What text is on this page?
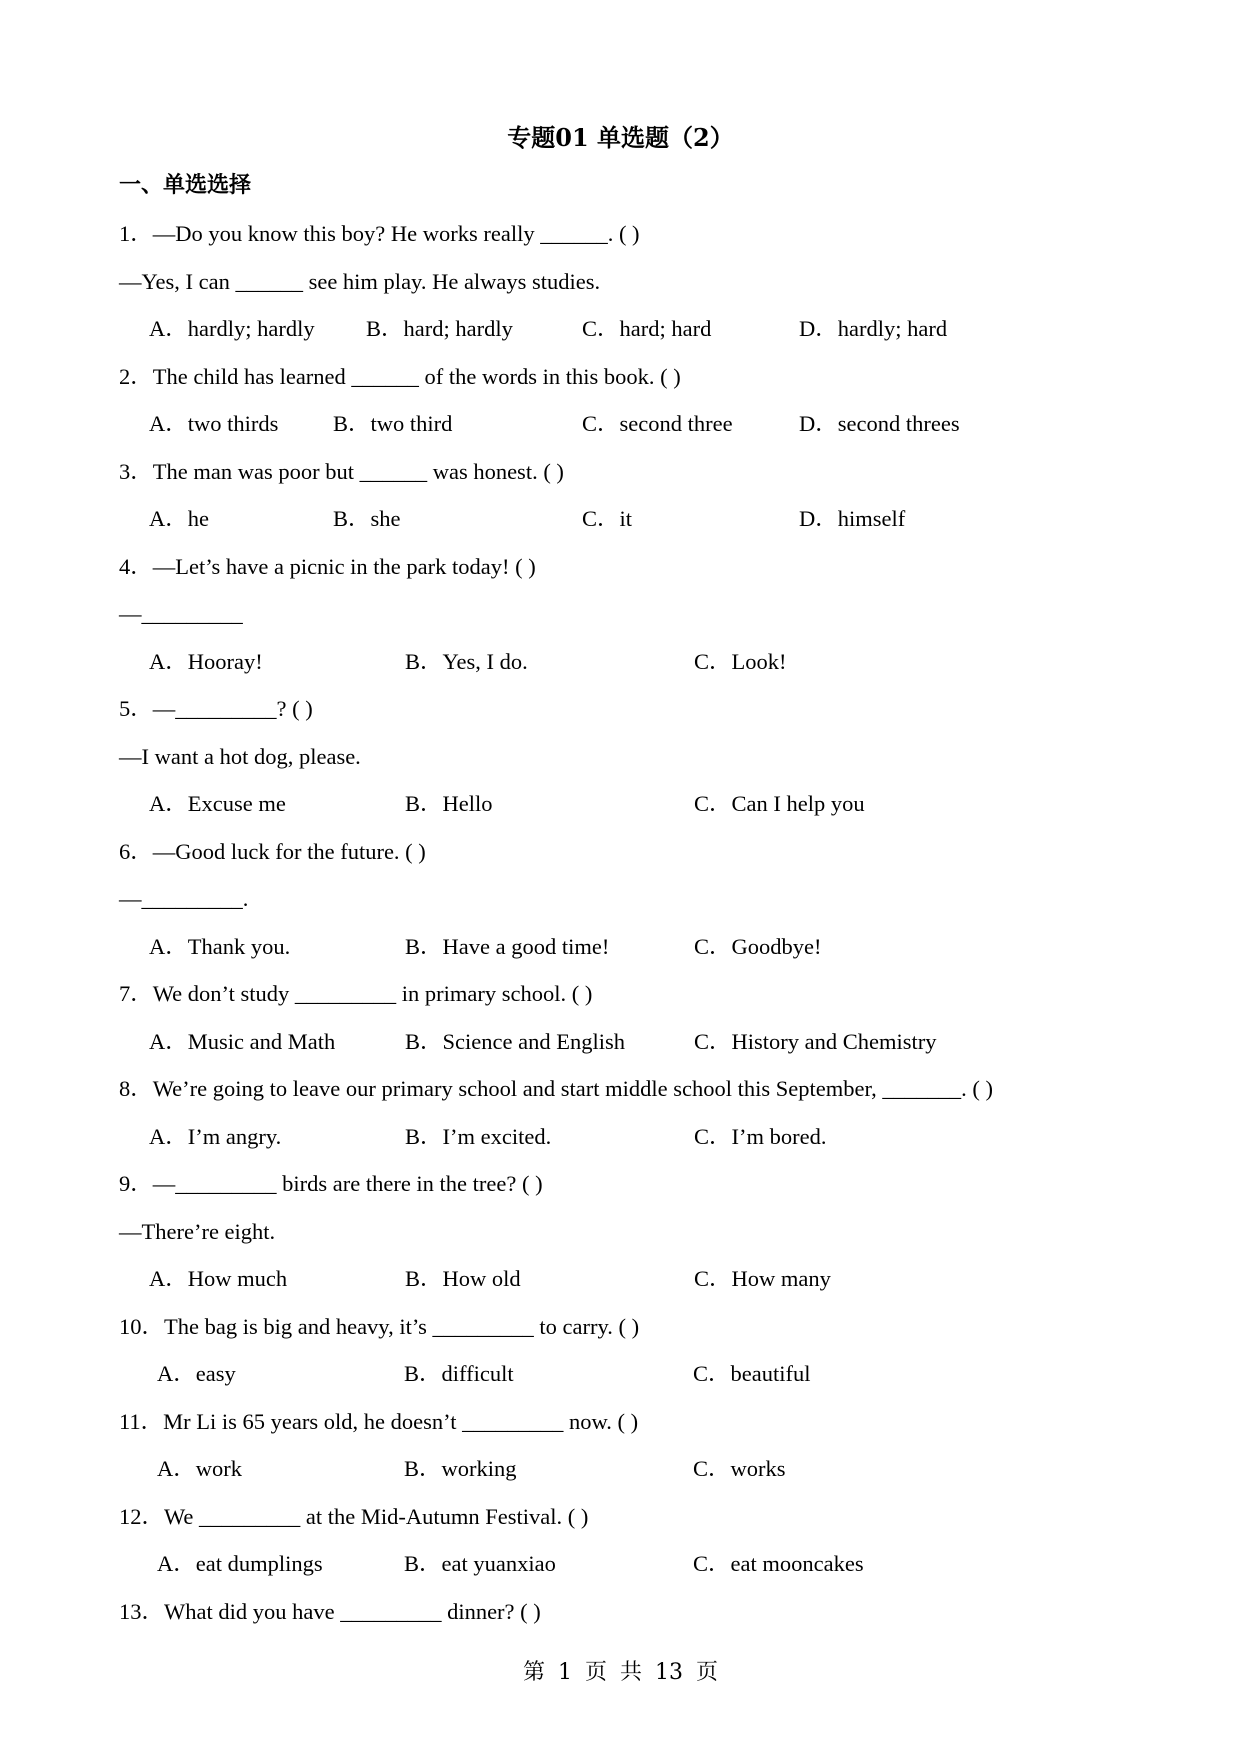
专题01 单选题（2）
一、单选选择
1．—Do you know this boy? He works really ______. ( )
—Yes, I can ______ see him play. He always studies.
A．hardly; hardly B．hard; hardly	C．hard; hard	D．hardly; hard
2．The child has learned ______ of the words in this book. ( )
A．two thirds B．two third	C．second three	D．second threes
3．The man was poor but ______ was honest. ( )
A．he	B．she	C．it	D．himself
4．—Let’s have a picnic in the park today! ( )
—_________
A．Hooray!	B．Yes, I do.	C．Look!
5．—_________? ( )
—I want a hot dog, please.
A．Excuse me	B．Hello	C．Can I help you
6．—Good luck for the future. ( )
—_________.
A．Thank you.	B．Have a good time!	C．Goodbye!
7．We don’t study _________ in primary school. ( )
A．Music and Math	B．Science and English	C．History and Chemistry
8．We’re going to leave our primary school and start middle school this September, _______. ( )
A．I’m angry.	B．I’m excited.	C．I’m bored.
9．—_________ birds are there in the tree? ( )
—There’re eight.
A．How much	B．How old	C．How many
10．The bag is big and heavy, it’s _________ to carry. ( )
A．easy	B．difficult	C．beautiful
11．Mr Li is 65 years old, he doesn’t _________ now. ( )
A．work	B．working	C．works
12．We _________ at the Mid-Autumn Festival. ( )
A．eat dumplings	B．eat yuanxiao	C．eat mooncakes
13．What did you have _________ dinner? ( )
第 1 页 共 13 页
